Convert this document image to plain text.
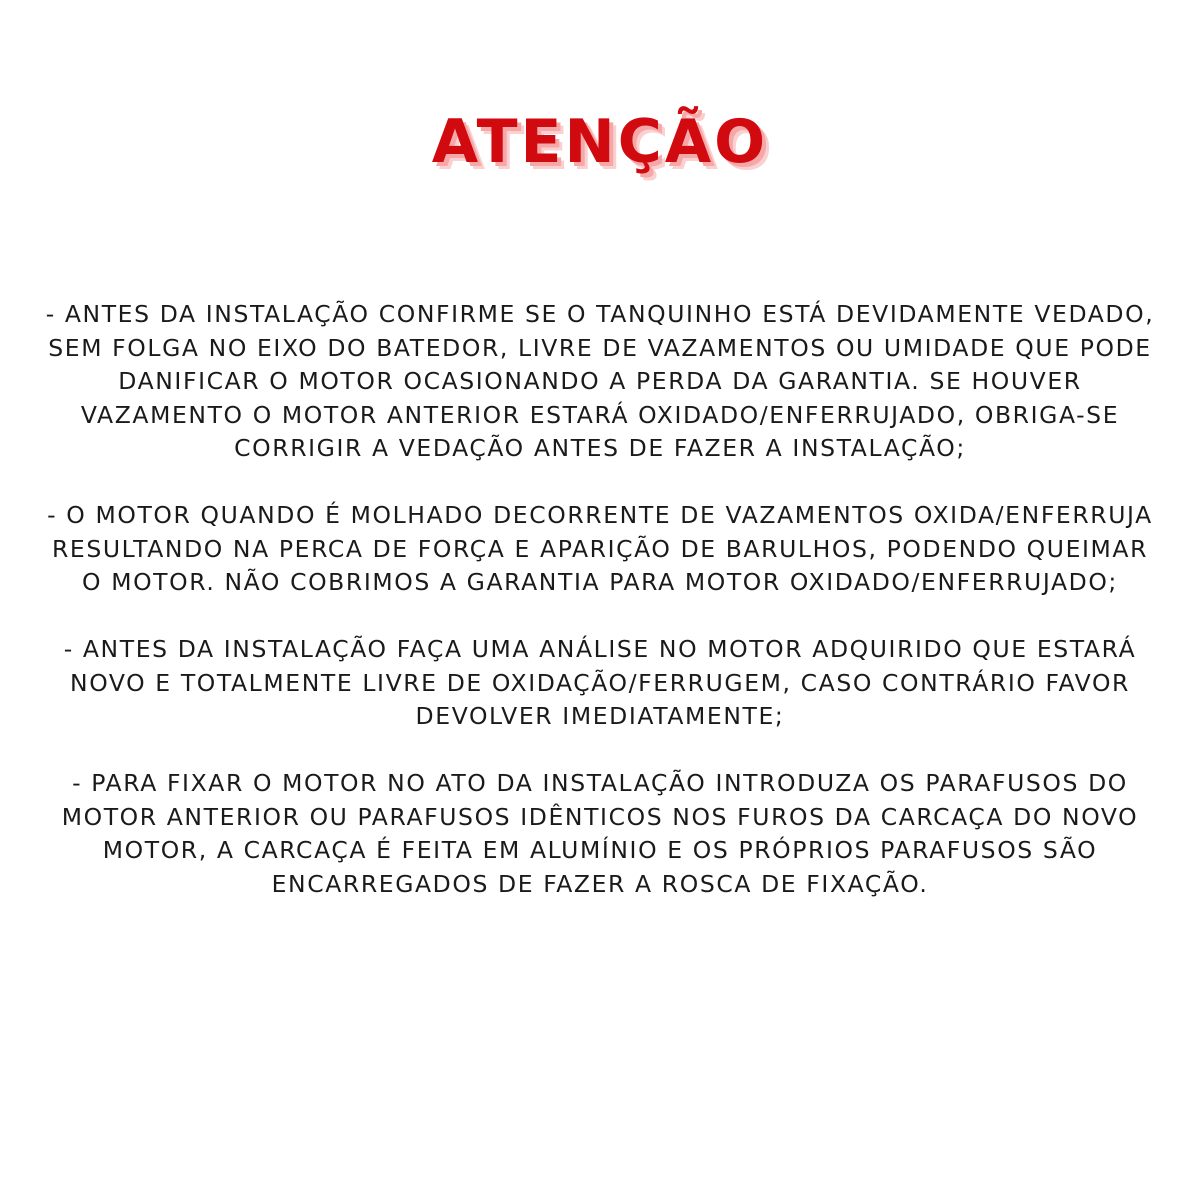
ATENÇÃO

- ANTES DA INSTALAÇÃO CONFIRME SE O TANQUINHO ESTÁ DEVIDAMENTE VEDADO, SEM FOLGA NO EIXO DO BATEDOR, LIVRE DE VAZAMENTOS OU UMIDADE QUE PODE DANIFICAR O MOTOR OCASIONANDO A PERDA DA GARANTIA. SE HOUVER VAZAMENTO O MOTOR ANTERIOR ESTARÁ OXIDADO/ENFERRUJADO, OBRIGA-SE CORRIGIR A VEDAÇÃO ANTES DE FAZER A INSTALAÇÃO;

- O MOTOR QUANDO É MOLHADO DECORRENTE DE VAZAMENTOS OXIDA/ENFERRUJA RESULTANDO NA PERCA DE FORÇA E APARIÇÃO DE BARULHOS, PODENDO QUEIMAR O MOTOR. NÃO COBRIMOS A GARANTIA PARA MOTOR OXIDADO/ENFERRUJADO;

- ANTES DA INSTALAÇÃO FAÇA UMA ANÁLISE NO MOTOR ADQUIRIDO QUE ESTARÁ NOVO E TOTALMENTE LIVRE DE OXIDAÇÃO/FERRUGEM, CASO CONTRÁRIO FAVOR DEVOLVER IMEDIATAMENTE;

- PARA FIXAR O MOTOR NO ATO DA INSTALAÇÃO INTRODUZA OS PARAFUSOS DO MOTOR ANTERIOR OU PARAFUSOS IDÊNTICOS NOS FUROS DA CARCAÇA DO NOVO MOTOR, A CARCAÇA É FEITA EM ALUMÍNIO E OS PRÓPRIOS PARAFUSOS SÃO ENCARREGADOS DE FAZER A ROSCA DE FIXAÇÃO.
